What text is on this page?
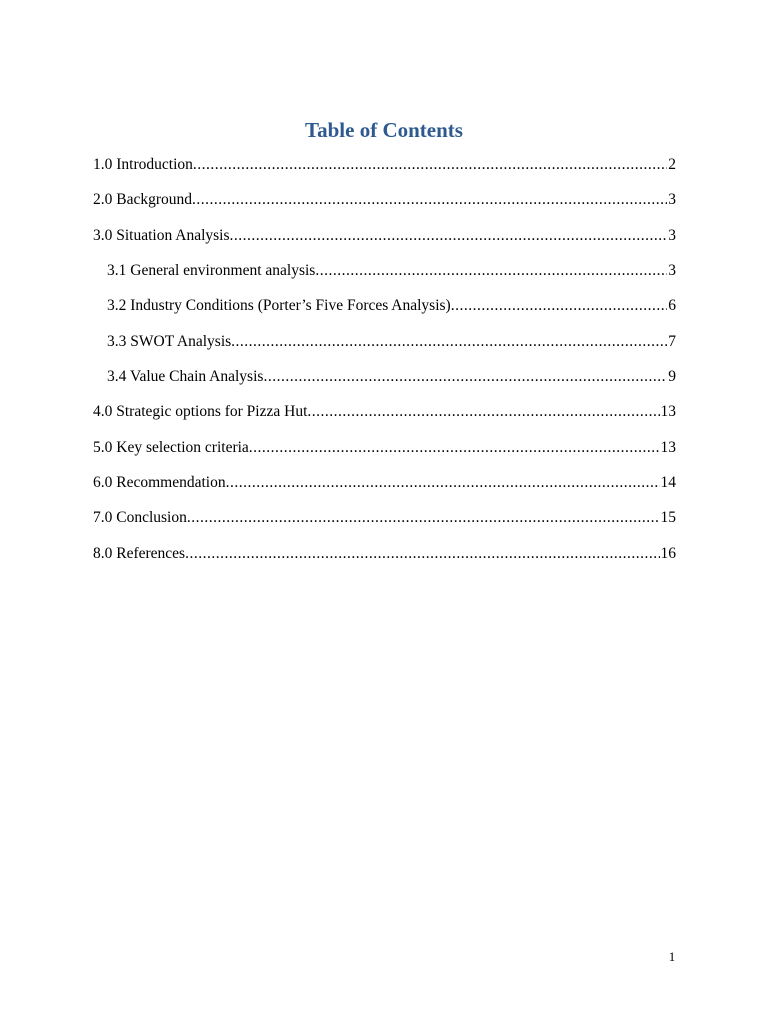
Table of Contents
1.0 Introduction .....	2
2.0 Background .....	3
3.0 Situation Analysis .....	3
3.1 General environment analysis .....	3
3.2 Industry Conditions (Porter’s Five Forces Analysis) .....	6
3.3 SWOT Analysis .....	7
3.4 Value Chain Analysis .....	9
4.0 Strategic options for Pizza Hut .....	13
5.0 Key selection criteria .....	13
6.0 Recommendation .....	14
7.0 Conclusion .....	15
8.0 References .....	16
1
